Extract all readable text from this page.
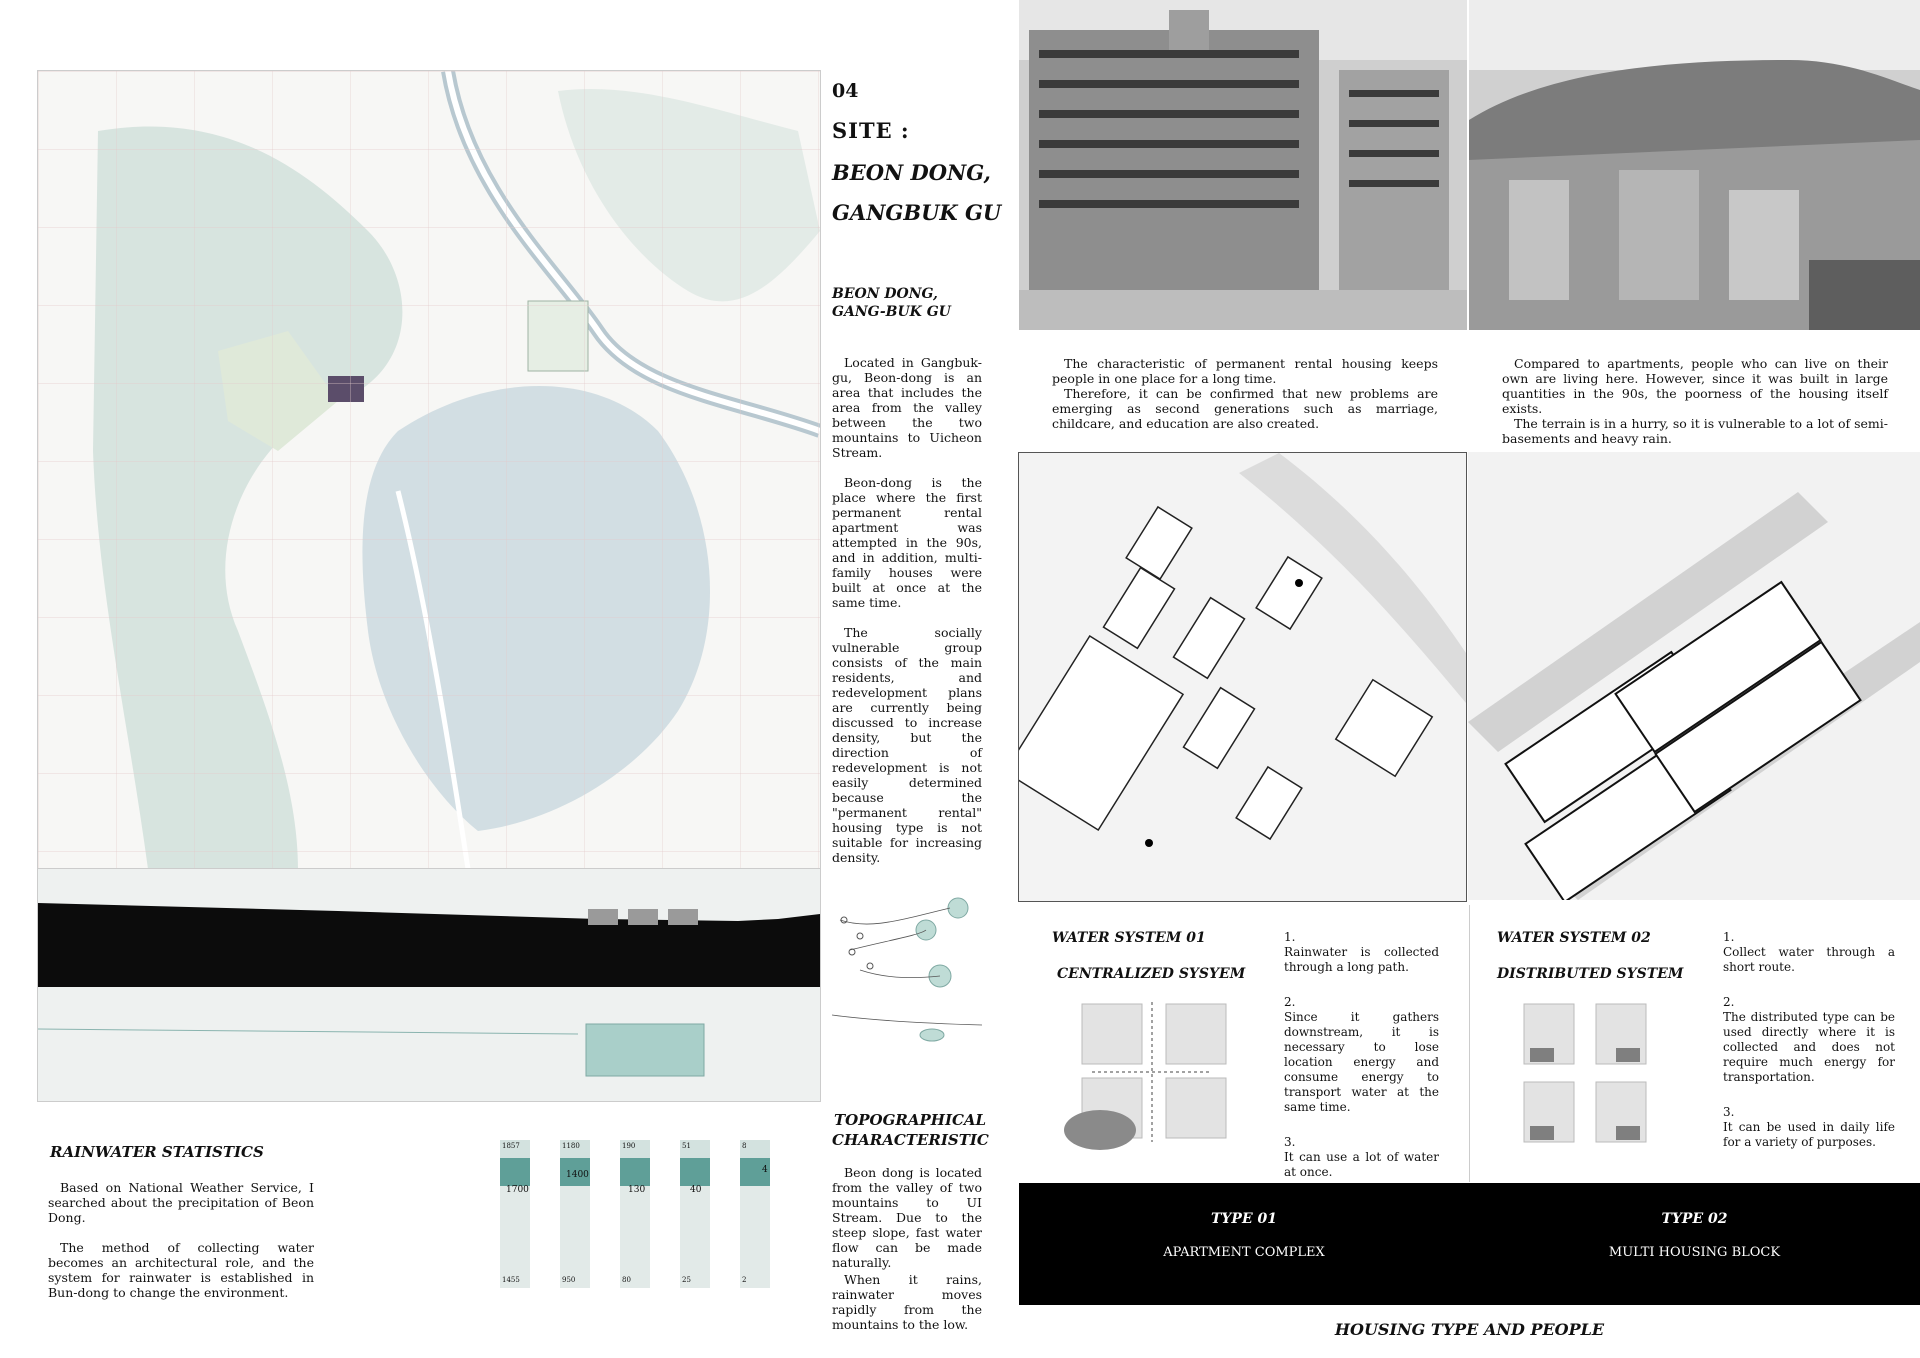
RAINWATER STATISTICS

Based on National Weather Service, I searched about the precipitation of Beon Dong.

The method of collecting water becomes an architectural role, and the system for rainwater is established in Bun-dong to change the environment.

1857
1700
1455
1180
1400
950
190
130
80
51
40
25
8
4
2
04
SITE :
BEON DONG,
GANGBUK GU
BEON DONG,
GANG-BUK GU

Located in Gangbuk-gu, Beon-dong is an area that includes the area from the valley between the two mountains to Uicheon Stream.

Beon-dong is the place where the first permanent rental apartment was attempted in the 90s, and in addition, multi-family houses were built at once at the same time.

The socially vulnerable group consists of the main residents, and redevelopment plans are currently being discussed to increase density, but the direction of redevelopment is not easily determined because the "permanent rental" housing type is not suitable for increasing density.

TOPOGRAPHICAL
CHARACTERISTIC

Beon dong is located from the valley of two mountains to UI Stream. Due to the steep slope, fast water flow can be made naturally.

When it rains, rainwater moves rapidly from the mountains to the low.

The characteristic of permanent rental housing keeps people in one place for a long time.

Therefore, it can be confirmed that new problems are emerging as second generations such as marriage, childcare, and education are also created.

Compared to apartments, people who can live on their own are living here. However, since it was built in large quantities in the 90s, the poorness of the housing itself exists.

The terrain is in a hurry, so it is vulnerable to a lot of semi-basements and heavy rain.

WATER SYSTEM 01
CENTRALIZED SYSYEM
1.
Rainwater is collected through a long path.
2.
Since it gathers downstream, it is necessary to lose location energy and consume energy to transport water at the same time.
3.
It can use a lot of water at once.
WATER SYSTEM 02
DISTRIBUTED SYSTEM
1.
Collect water through a short route.
2.
The distributed type can be used directly where it is collected and does not require much energy for transportation.
3.
It can be used in daily life for a variety of purposes.
TYPE 01
APARTMENT COMPLEX
TYPE 02
MULTI HOUSING BLOCK
HOUSING TYPE AND PEOPLE
